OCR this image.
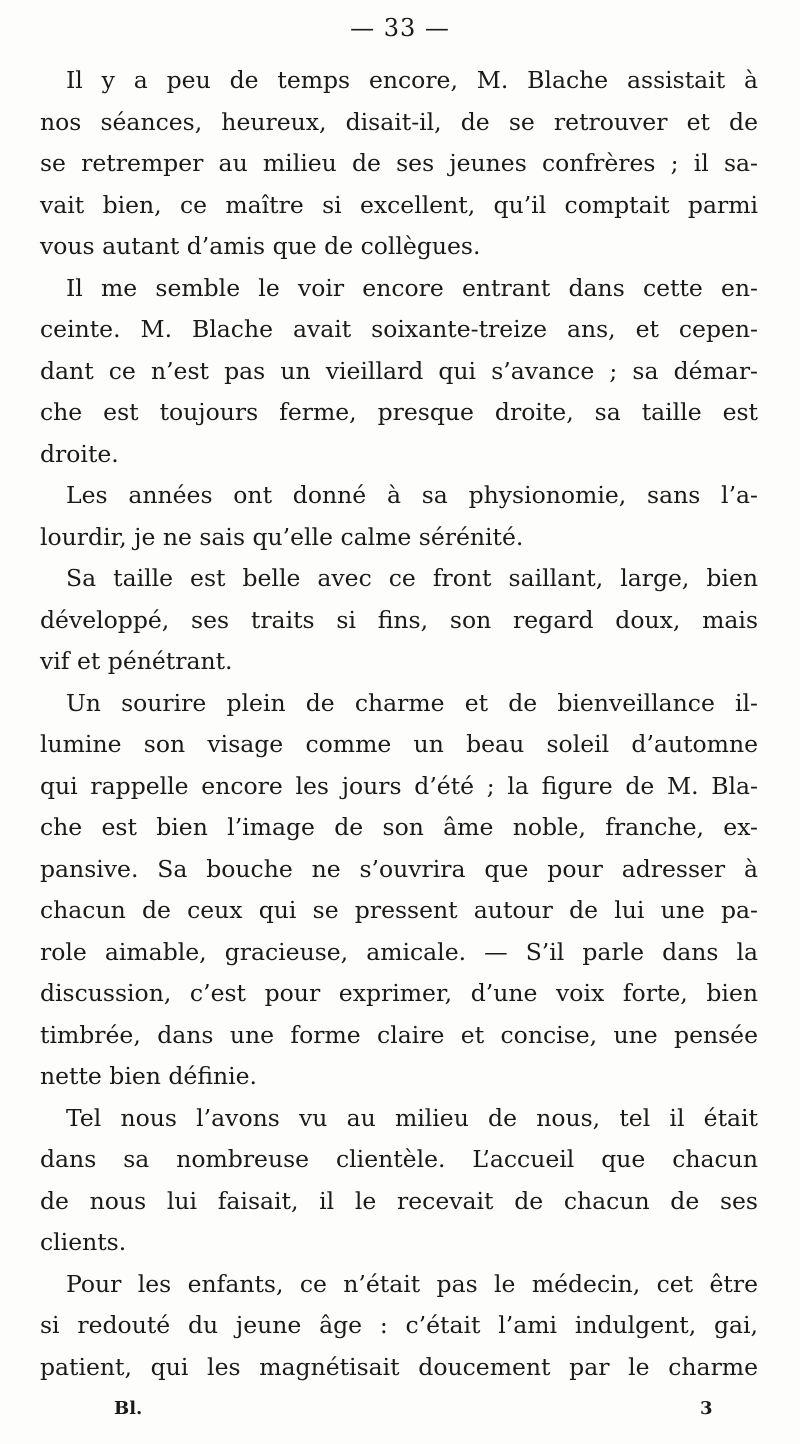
— 33 —
Il y a peu de temps encore, M. Blache assistait à
nos séances, heureux, disait-il, de se retrouver et de
se retremper au milieu de ses jeunes confrères ; il sa-
vait bien, ce maître si excellent, qu’il comptait parmi
vous autant d’amis que de collègues.
Il me semble le voir encore entrant dans cette en-
ceinte. M. Blache avait soixante-treize ans, et cepen-
dant ce n’est pas un vieillard qui s’avance ; sa démar-
che est toujours ferme, presque droite, sa taille est
droite.
Les années ont donné à sa physionomie, sans l’a-
lourdir, je ne sais qu’elle calme sérénité.
Sa taille est belle avec ce front saillant, large, bien
développé, ses traits si fins, son regard doux, mais
vif et pénétrant.
Un sourire plein de charme et de bienveillance il-
lumine son visage comme un beau soleil d’automne
qui rappelle encore les jours d’été ; la figure de M. Bla-
che est bien l’image de son âme noble, franche, ex-
pansive. Sa bouche ne s’ouvrira que pour adresser à
chacun de ceux qui se pressent autour de lui une pa-
role aimable, gracieuse, amicale. — S’il parle dans la
discussion, c’est pour exprimer, d’une voix forte, bien
timbrée, dans une forme claire et concise, une pensée
nette bien définie.
Tel nous l’avons vu au milieu de nous, tel il était
dans sa nombreuse clientèle. L’accueil que chacun
de nous lui faisait, il le recevait de chacun de ses
clients.
Pour les enfants, ce n’était pas le médecin, cet être
si redouté du jeune âge : c’était l’ami indulgent, gai,
patient, qui les magnétisait doucement par le charme
Bl.	3
